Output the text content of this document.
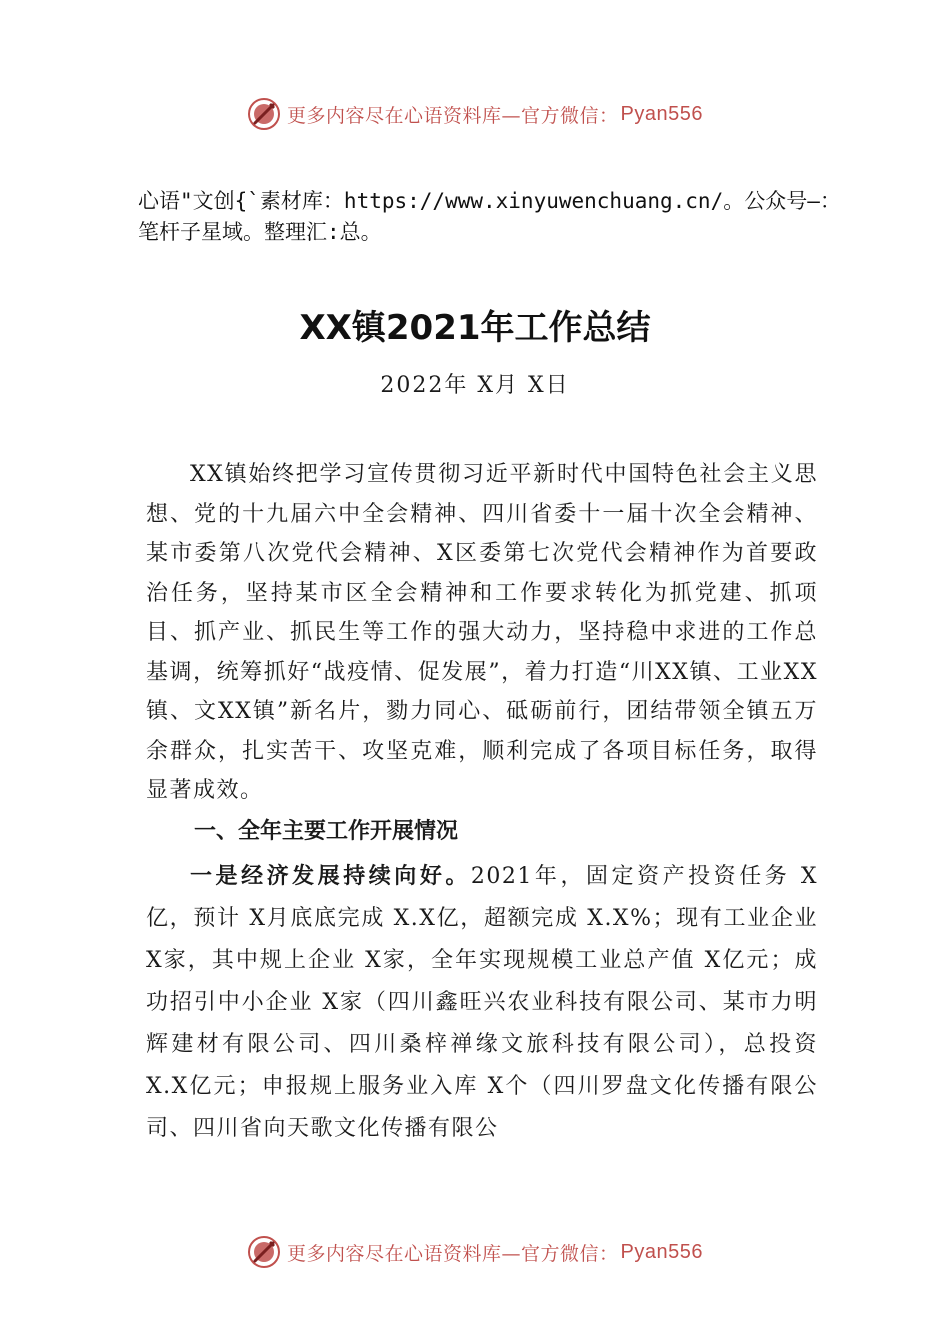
更多内容尽在心语资料库—官方微信： Pyan556
心语"文创{`素材库：https://www.xinyuwenchuang.cn/。公众号—：笔杆子星域。整理汇:总。
XX镇2021年工作总结
2022年 X月 X日

XX镇始终把学习宣传贯彻习近平新时代中国特色社会主义思想、党的十九届六中全会精神、四川省委十一届十次全会精神、某市委第八次党代会精神、X区委第七次党代会精神作为首要政治任务，坚持某市区全会精神和工作要求转化为抓党建、抓项目、抓产业、抓民生等工作的强大动力，坚持稳中求进的工作总基调，统筹抓好“战疫情、促发展”，着力打造“川XX镇、工业XX镇、文XX镇”新名片，勠力同心、砥砺前行，团结带领全镇五万余群众，扎实苦干、攻坚克难，顺利完成了各项目标任务，取得显著成效。

一、全年主要工作开展情况

一是经济发展持续向好。2021年，固定资产投资任务 X亿，预计 X月底底完成 X.X亿，超额完成 X.X%；现有工业企业 X家，其中规上企业 X家，全年实现规模工业总产值 X亿元；成功招引中小企业 X家（四川鑫旺兴农业科技有限公司、某市力明辉建材有限公司、四川桑梓禅缘文旅科技有限公司），总投资 X.X亿元；申报规上服务业入库 X个（四川罗盘文化传播有限公司、四川省向天歌文化传播有限公

更多内容尽在心语资料库—官方微信： Pyan556
